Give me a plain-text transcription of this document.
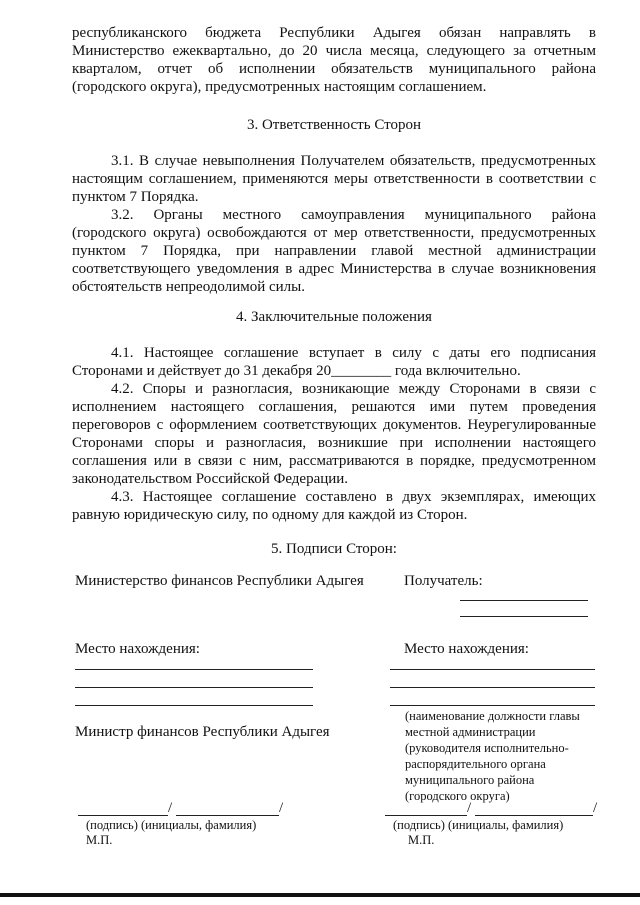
республиканского бюджета Республики Адыгея обязан направлять в
Министерство ежеквартально, до 20 числа месяца, следующего за отчетным
кварталом, отчет об исполнении обязательств муниципального района
(городского округа), предусмотренных настоящим соглашением.
3. Ответственность Сторон
3.1. В случае невыполнения Получателем обязательств, предусмотренных
настоящим соглашением, применяются меры ответственности в соответствии с
пунктом 7 Порядка.
3.2. Органы местного самоуправления муниципального района
(городского округа) освобождаются от мер ответственности, предусмотренных
пунктом 7 Порядка, при направлении главой местной администрации
соответствующего уведомления в адрес Министерства в случае возникновения
обстоятельств непреодолимой силы.
4. Заключительные положения
4.1. Настоящее соглашение вступает в силу с даты его подписания
Сторонами и действует до 31 декабря 20________ года включительно.
4.2. Споры и разногласия, возникающие между Сторонами в связи с
исполнением настоящего соглашения, решаются ими путем проведения
переговоров с оформлением соответствующих документов. Неурегулированные
Сторонами споры и разногласия, возникшие при исполнении настоящего
соглашения или в связи с ним, рассматриваются в порядке, предусмотренном
законодательством Российской Федерации.
4.3. Настоящее соглашение составлено в двух экземплярах, имеющих
равную юридическую силу, по одному для каждой из Сторон.
5. Подписи Сторон:
Министерство финансов Республики Адыгея
Место нахождения:
Министр финансов Республики Адыгея
/	/
(подпись) (инициалы, фамилия)
М.П.
Получатель:
Место нахождения:
(наименование должности главы
местной администрации
(руководителя исполнительно-
распорядительного органа
муниципального района
(городского округа)
/	/
(подпись) (инициалы, фамилия)
М.П.
